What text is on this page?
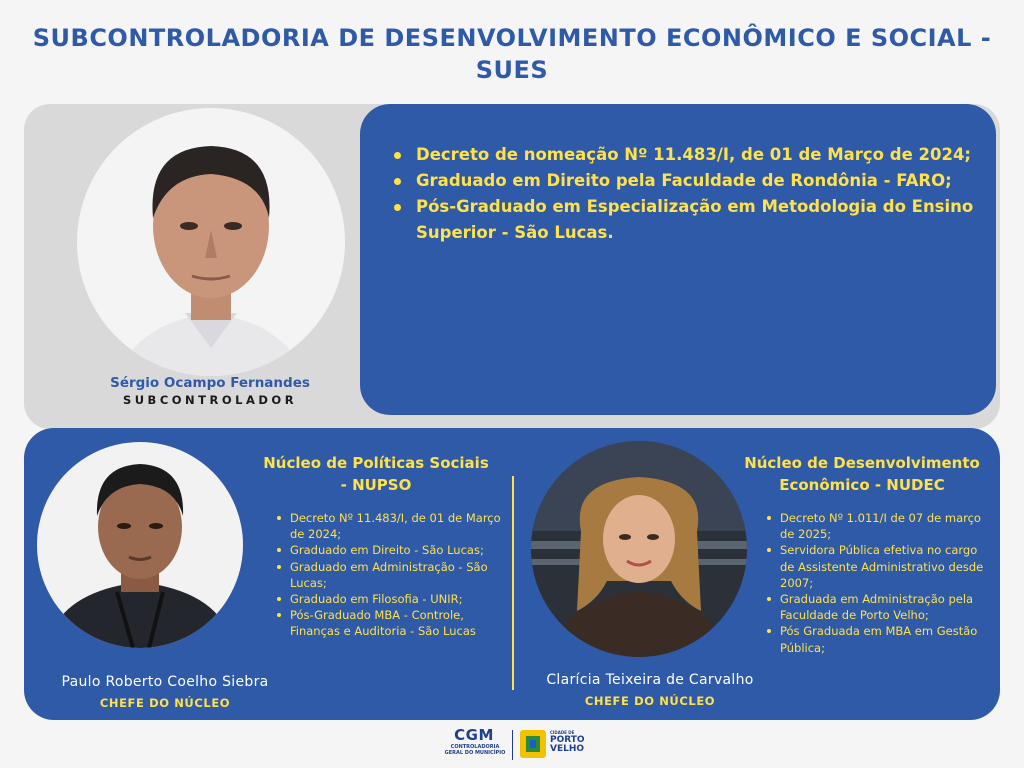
SUBCONTROLADORIA DE DESENVOLVIMENTO ECONÔMICO E SOCIAL -
SUES
Decreto de nomeação Nº 11.483/I, de 01 de Março de 2024;
Graduado em Direito pela Faculdade de Rondônia - FARO;
Pós-Graduado em Especialização em Metodologia do Ensino Superior - São Lucas.
Sérgio Ocampo Fernandes
SUBCONTROLADOR
Paulo Roberto Coelho Siebra
CHEFE DO NÚCLEO
Núcleo de Políticas Sociais
- NUPSO
Decreto Nº 11.483/I, de 01 de Março de 2024;
Graduado em Direito - São Lucas;
Graduado em Administração - São Lucas;
Graduado em Filosofia - UNIR;
Pós-Graduado MBA - Controle, Finanças e Auditoria - São Lucas
Clarícia Teixeira de Carvalho
CHEFE DO NÚCLEO
Núcleo de Desenvolvimento
Econômico - NUDEC
Decreto Nº 1.011/I de 07 de março de 2025;
Servidora Pública efetiva no cargo de Assistente Administrativo desde 2007;
Graduada em Administração pela Faculdade de Porto Velho;
Pós Graduada em MBA em Gestão Pública;
CGM
CONTROLADORIA
GERAL DO MUNICÍPIO
CIDADE DE
PORTO
VELHO
